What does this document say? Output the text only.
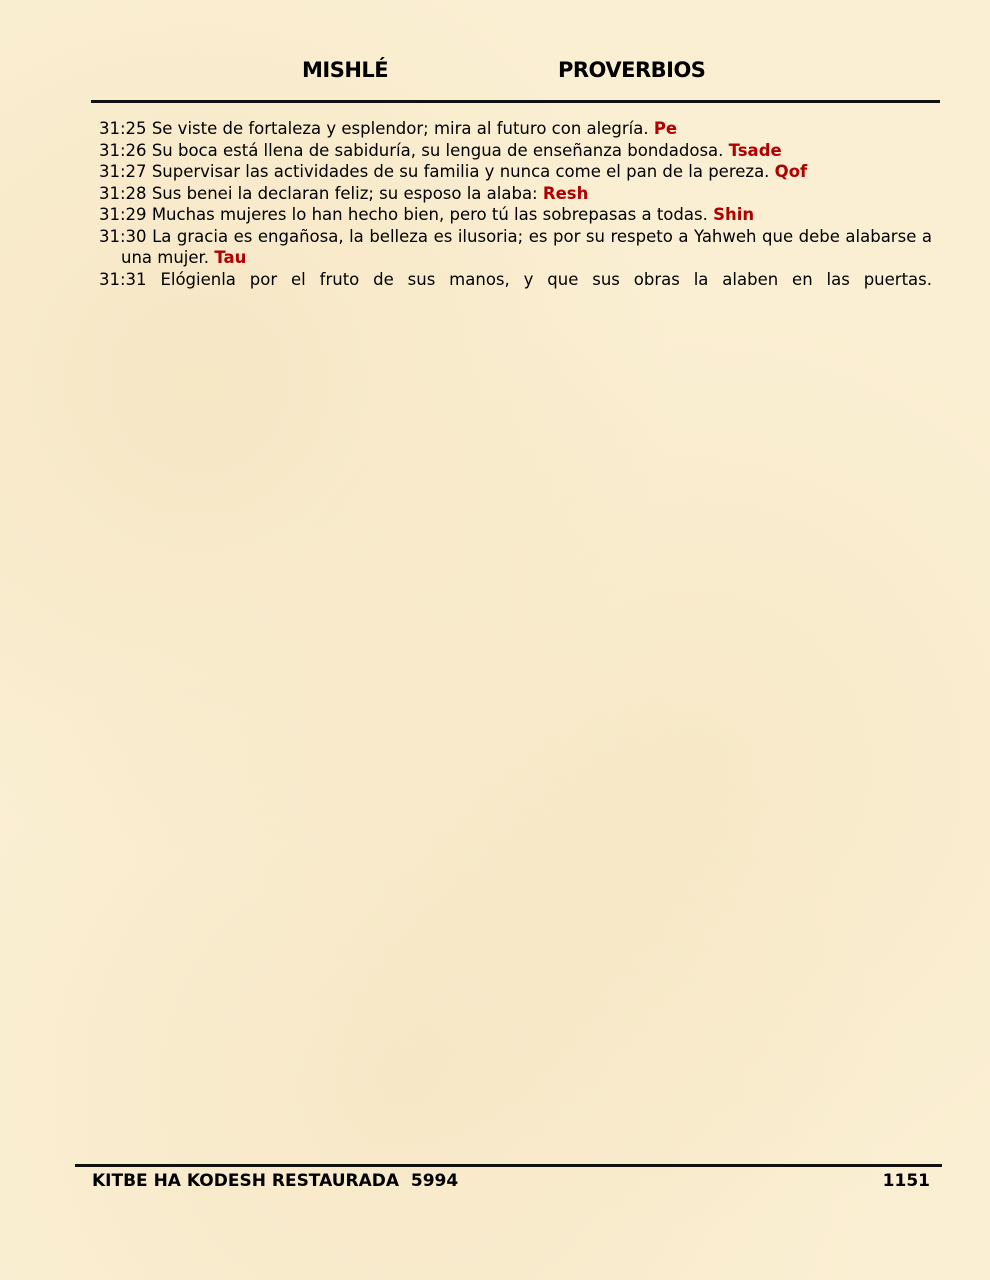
MISHLÉ	PROVERBIOS

31:25 Se viste de fortaleza y esplendor; mira al futuro con alegría. Pe

31:26 Su boca está llena de sabiduría, su lengua de enseñanza bondadosa. Tsade

31:27 Supervisar las actividades de su familia y nunca come el pan de la pereza. Qof

31:28 Sus benei la declaran feliz; su esposo la alaba: Resh

31:29 Muchas mujeres lo han hecho bien, pero tú las sobrepasas a todas. Shin

31:30 La gracia es engañosa, la belleza es ilusoria; es por su respeto a Yahweh que debe alabarse a una mujer. Tau

31:31 Elógienla por el fruto de sus manos, y que sus obras la alaben en las puertas.

KITBE HA KODESH RESTAURADA  5994	1151
